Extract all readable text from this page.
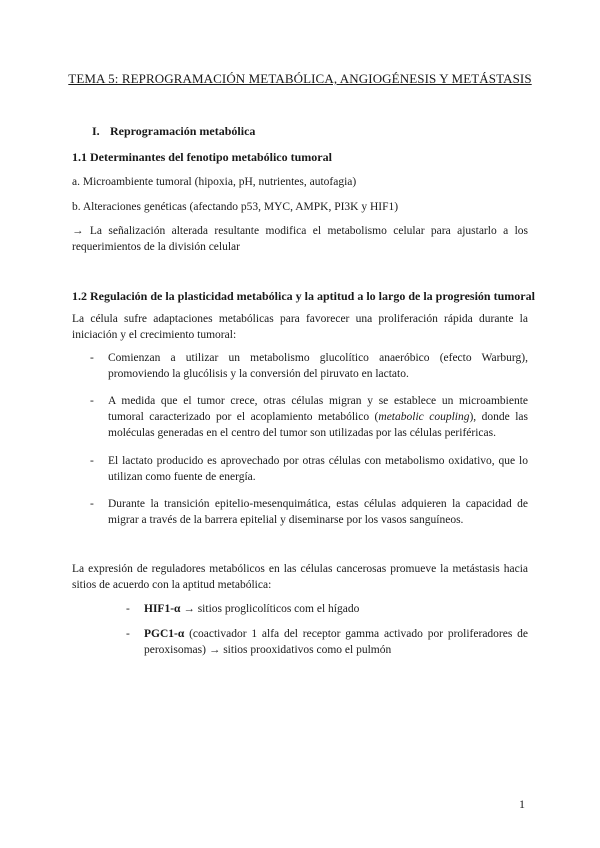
TEMA 5: REPROGRAMACIÓN METABÓLICA, ANGIOGÉNESIS Y METÁSTASIS
I. Reprogramación metabólica
1.1 Determinantes del fenotipo metabólico tumoral
a. Microambiente tumoral (hipoxia, pH, nutrientes, autofagia)
b. Alteraciones genéticas (afectando p53, MYC, AMPK, PI3K y HIF1)
→ La señalización alterada resultante modifica el metabolismo celular para ajustarlo a los requerimientos de la división celular
1.2 Regulación de la plasticidad metabólica y la aptitud a lo largo de la progresión tumoral
La célula sufre adaptaciones metabólicas para favorecer una proliferación rápida durante la iniciación y el crecimiento tumoral:
- Comienzan a utilizar un metabolismo glucolítico anaeróbico (efecto Warburg), promoviendo la glucólisis y la conversión del piruvato en lactato.
- A medida que el tumor crece, otras células migran y se establece un microambiente tumoral caracterizado por el acoplamiento metabólico (metabolic coupling), donde las moléculas generadas en el centro del tumor son utilizadas por las células periféricas.
- El lactato producido es aprovechado por otras células con metabolismo oxidativo, que lo utilizan como fuente de energía.
- Durante la transición epitelio-mesenquimática, estas células adquieren la capacidad de migrar a través de la barrera epitelial y diseminarse por los vasos sanguíneos.
La expresión de reguladores metabólicos en las células cancerosas promueve la metástasis hacia sitios de acuerdo con la aptitud metabólica:
- HIF1-α → sitios proglicolíticos com el hígado
- PGC1-α (coactivador 1 alfa del receptor gamma activado por proliferadores de peroxisomas) → sitios prooxidativos como el pulmón
1
